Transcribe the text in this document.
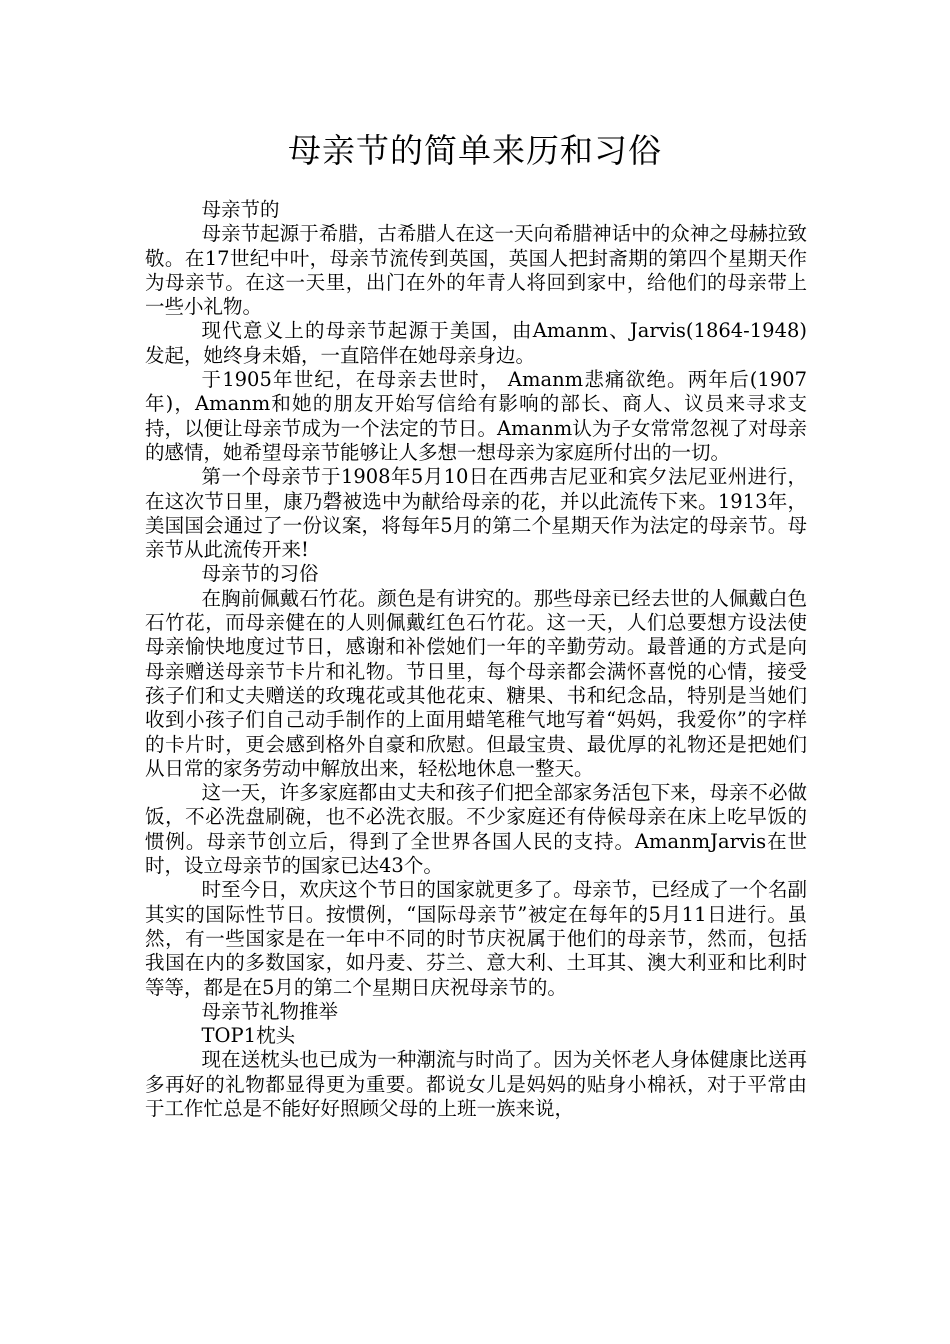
母亲节的简单来历和习俗

母亲节的

母亲节起源于希腊，古希腊人在这一天向希腊神话中的众神之母赫拉致敬。在17世纪中叶，母亲节流传到英国，英国人把封斋期的第四个星期天作为母亲节。在这一天里，出门在外的年青人将回到家中，给他们的母亲带上一些小礼物。

现代意义上的母亲节起源于美国，由Amanm、Jarvis(1864-1948) 发起，她终身未婚，一直陪伴在她母亲身边。

于1905年世纪，在母亲去世时， Amanm悲痛欲绝。两年后(1907年)，Amanm和她的朋友开始写信给有影响的部长、商人、议员来寻求支持，以便让母亲节成为一个法定的节日。Amanm认为子女常常忽视了对母亲的感情，她希望母亲节能够让人多想一想母亲为家庭所付出的一切。

第一个母亲节于1908年5月10日在西弗吉尼亚和宾夕法尼亚州进行，在这次节日里，康乃磬被选中为献给母亲的花，并以此流传下来。1913年，美国国会通过了一份议案，将每年5月的第二个星期天作为法定的母亲节。母亲节从此流传开来!

母亲节的习俗

在胸前佩戴石竹花。颜色是有讲究的。那些母亲已经去世的人佩戴白色石竹花，而母亲健在的人则佩戴红色石竹花。这一天，人们总要想方设法使母亲愉快地度过节日，感谢和补偿她们一年的辛勤劳动。最普通的方式是向母亲赠送母亲节卡片和礼物。节日里，每个母亲都会满怀喜悦的心情，接受孩子们和丈夫赠送的玫瑰花或其他花束、糖果、书和纪念品，特别是当她们收到小孩子们自己动手制作的上面用蜡笔稚气地写着“妈妈，我爱你”的字样的卡片时，更会感到格外自豪和欣慰。但最宝贵、最优厚的礼物还是把她们从日常的家务劳动中解放出来，轻松地休息一整天。

这一天，许多家庭都由丈夫和孩子们把全部家务活包下来，母亲不必做饭，不必洗盘刷碗，也不必洗衣服。不少家庭还有侍候母亲在床上吃早饭的惯例。母亲节创立后，得到了全世界各国人民的支持。AmanmJarvis在世时，设立母亲节的国家已达43个。

时至今日，欢庆这个节日的国家就更多了。母亲节，已经成了一个名副其实的国际性节日。按惯例，“国际母亲节”被定在每年的5月11日进行。虽然，有一些国家是在一年中不同的时节庆祝属于他们的母亲节，然而，包括我国在内的多数国家，如丹麦、芬兰、意大利、土耳其、澳大利亚和比利时等等，都是在5月的第二个星期日庆祝母亲节的。

母亲节礼物推举

TOP1枕头

现在送枕头也已成为一种潮流与时尚了。因为关怀老人身体健康比送再多再好的礼物都显得更为重要。都说女儿是妈妈的贴身小棉袄，对于平常由于工作忙总是不能好好照顾父母的上班一族来说，
